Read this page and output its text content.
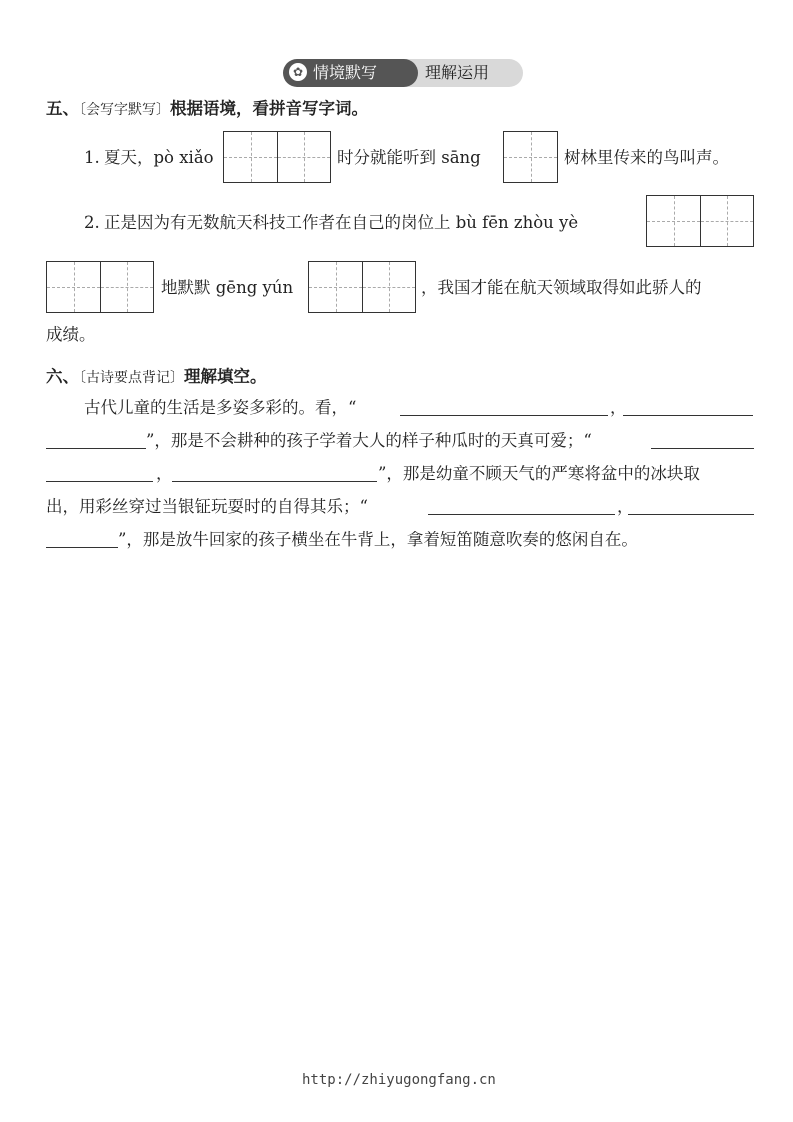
✿ 情境默写	理解运用
五、〔会写字默写〕根据语境，看拼音写字词。
1. 夏天，pò xiǎo	时分就能听到 sāng	树林里传来的鸟叫声。
2. 正是因为有无数航天科技工作者在自己的岗位上 bù fēn zhòu yè
地默默 gēng yún	，我国才能在航天领域取得如此骄人的
成绩。
六、〔古诗要点背记〕理解填空。
古代儿童的生活是多姿多彩的。看，“	，
”，那是不会耕种的孩子学着大人的样子种瓜时的天真可爱；“
，	”，那是幼童不顾天气的严寒将盆中的冰块取
出，用彩丝穿过当银钲玩耍时的自得其乐；“	，
”，那是放牛回家的孩子横坐在牛背上，拿着短笛随意吹奏的悠闲自在。
http://zhiyugongfang.cn
